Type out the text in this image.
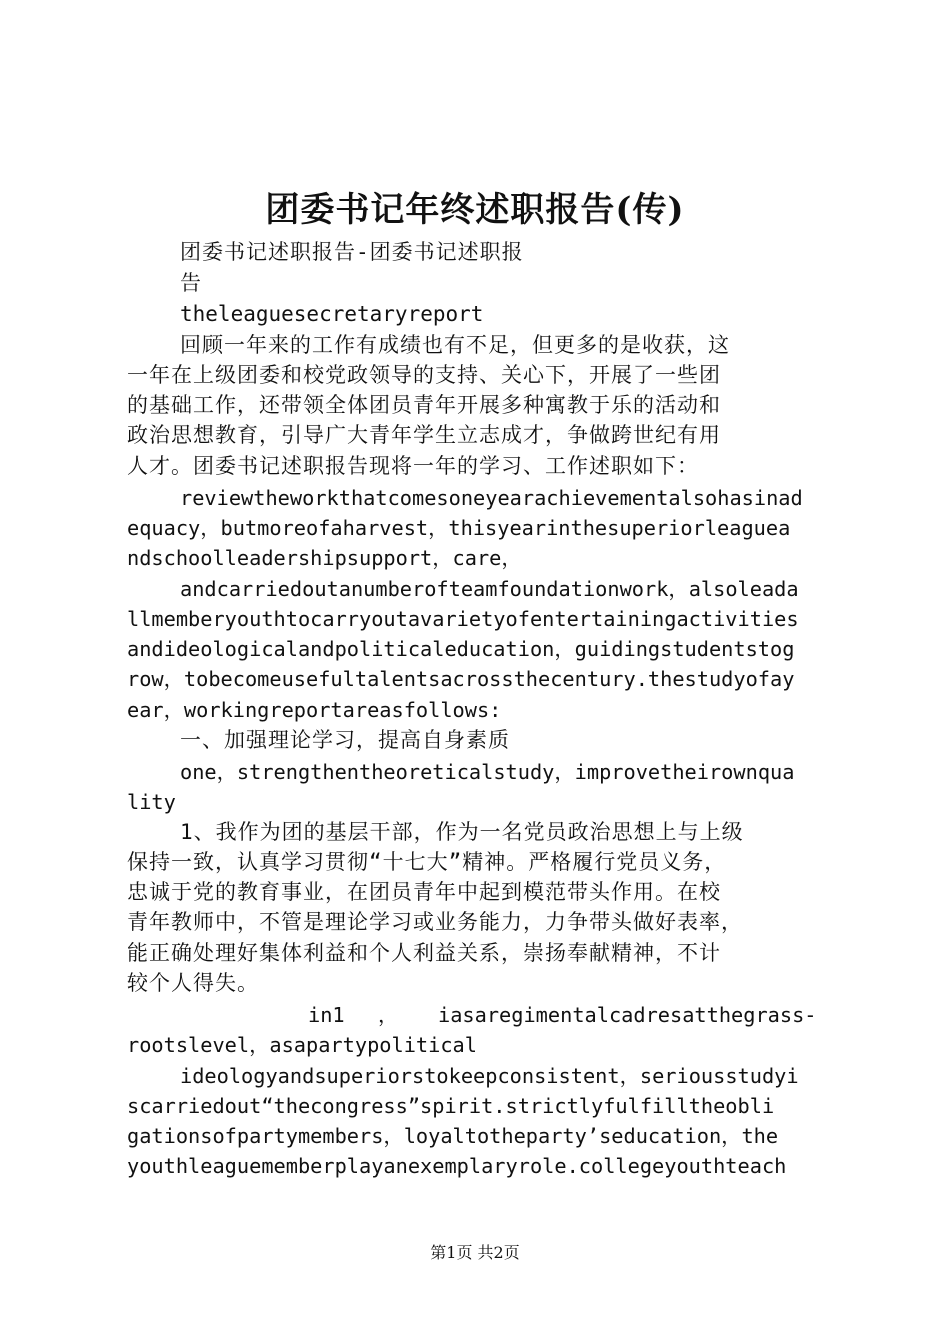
团委书记年终述职报告(传)
团委书记述职报告-团委书记述职报
告
theleaguesecretaryreport
回顾一年来的工作有成绩也有不足，但更多的是收获，这
一年在上级团委和校党政领导的支持、关心下，开展了一些团
的基础工作，还带领全体团员青年开展多种寓教于乐的活动和
政治思想教育，引导广大青年学生立志成才，争做跨世纪有用
人才。团委书记述职报告现将一年的学习、工作述职如下：
reviewtheworkthatcomesoneyearachievementalsohasinad
equacy，butmoreofaharvest，thisyearinthesuperiorleaguea
ndschoolleadershipsupport，care，
andcarriedoutanumberofteamfoundationwork，alsoleada
llmemberyouthtocarryoutavarietyofentertainingactivities
andideologicalandpoliticaleducation，guidingstudentstog
row，tobecomeusefultalentsacrossthecentury.thestudyofay
ear，workingreportareasfollows:
一、加强理论学习，提高自身素质
one，strengthentheoreticalstudy，improvetheirownqua
lity
1、我作为团的基层干部，作为一名党员政治思想上与上级
保持一致，认真学习贯彻“十七大”精神。严格履行党员义务，
忠诚于党的教育事业，在团员青年中起到模范带头作用。在校
青年教师中，不管是理论学习或业务能力，力争带头做好表率，
能正确处理好集体利益和个人利益关系，崇扬奉献精神，不计
较个人得失。
in1 ， iasaregimentalcadresatthegrass-
rootslevel，asapartypolitical
ideologyandsuperiorstokeepconsistent，seriousstudyi
scarriedout“thecongress”spirit.strictlyfulfilltheobli
gationsofpartymembers，loyaltotheparty’seducation，the
youthleaguememberplayanexemplaryrole.collegeyouthteach
第1页 共2页
